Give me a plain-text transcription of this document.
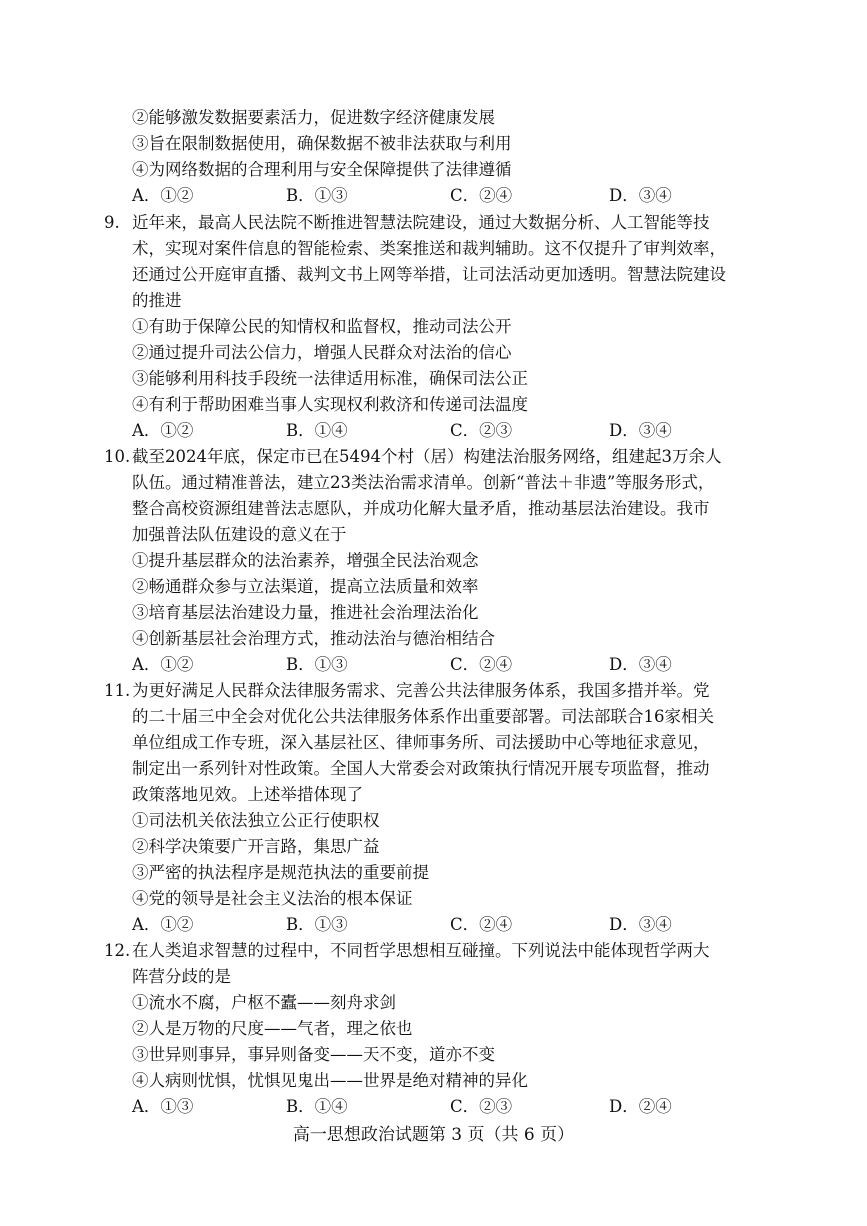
②能够激发数据要素活力，促进数字经济健康发展
③旨在限制数据使用，确保数据不被非法获取与利用
④为网络数据的合理利用与安全保障提供了法律遵循
A．①②	B．①③	C．②④	D．③④
9. 近年来，最高人民法院不断推进智慧法院建设，通过大数据分析、人工智能等技
术，实现对案件信息的智能检索、类案推送和裁判辅助。这不仅提升了审判效率，
还通过公开庭审直播、裁判文书上网等举措，让司法活动更加透明。智慧法院建设
的推进
①有助于保障公民的知情权和监督权，推动司法公开
②通过提升司法公信力，增强人民群众对法治的信心
③能够利用科技手段统一法律适用标准，确保司法公正
④有利于帮助困难当事人实现权利救济和传递司法温度
A．①②	B．①④	C．②③	D．③④
10. 截至2024年底，保定市已在5494个村（居）构建法治服务网络，组建起3万余人
队伍。通过精准普法，建立23类法治需求清单。创新“普法＋非遗”等服务形式，
整合高校资源组建普法志愿队，并成功化解大量矛盾，推动基层法治建设。我市
加强普法队伍建设的意义在于
①提升基层群众的法治素养，增强全民法治观念
②畅通群众参与立法渠道，提高立法质量和效率
③培育基层法治建设力量，推进社会治理法治化
④创新基层社会治理方式，推动法治与德治相结合
A．①②	B．①③	C．②④	D．③④
11. 为更好满足人民群众法律服务需求、完善公共法律服务体系，我国多措并举。党
的二十届三中全会对优化公共法律服务体系作出重要部署。司法部联合16家相关
单位组成工作专班，深入基层社区、律师事务所、司法援助中心等地征求意见，
制定出一系列针对性政策。全国人大常委会对政策执行情况开展专项监督，推动
政策落地见效。上述举措体现了
①司法机关依法独立公正行使职权
②科学决策要广开言路，集思广益
③严密的执法程序是规范执法的重要前提
④党的领导是社会主义法治的根本保证
A．①②	B．①③	C．②④	D．③④
12. 在人类追求智慧的过程中，不同哲学思想相互碰撞。下列说法中能体现哲学两大
阵营分歧的是
①流水不腐，户枢不蠹——刻舟求剑
②人是万物的尺度——气者，理之依也
③世异则事异，事异则备变——天不变，道亦不变
④人病则忧惧，忧惧见鬼出——世界是绝对精神的异化
A．①③	B．①④	C．②③	D．②④
高一思想政治试题第 3 页（共 6 页）
